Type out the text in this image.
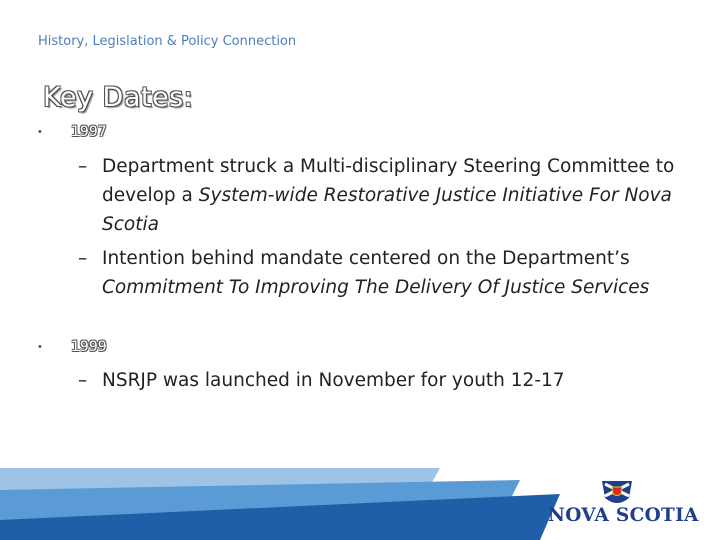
History, Legislation & Policy Connection
Key Dates:
• 1997
– Department struck a Multi-disciplinary Steering Committee to develop a System-wide Restorative Justice Initiative For Nova Scotia
– Intention behind mandate centered on the Department’s Commitment To Improving The Delivery Of Justice Services
• 1999
– NSRJP was launched in November for youth 12-17
NOVA SCOTIA
